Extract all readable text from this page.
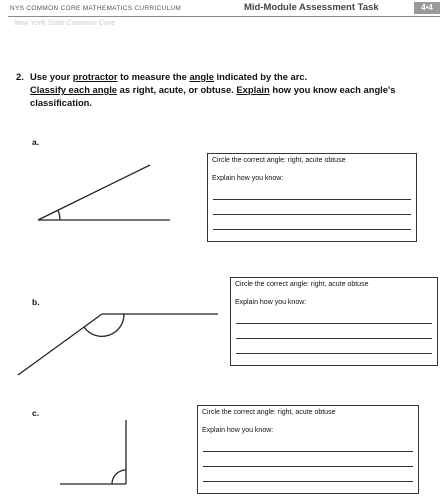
NYS COMMON CORE MATHEMATICS CURRICULUM	Mid-Module Assessment Task	4•4
New York State Common Core
2. Use your protractor to measure the angle indicated by the arc.
Classify each angle as right, acute, or obtuse. Explain how you know each angle's classification.
a.
Circle the correct angle: right, acute obtuse
Explain how you know:
b.
Circle the correct angle: right, acute obtuse
Explain how you know:
c.	Circle the correct angle: right, acute obtuse
Explain how you know:
